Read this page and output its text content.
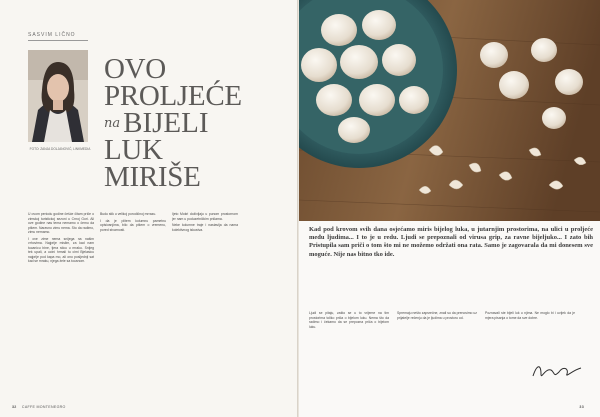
SASVIM LIČNO
FOTO: ZANJA DOLJANOVIĆ, LINKMEDIA
OVO
PROLJEĆE
na BIJELI
LUK
MIRIŠE

U ovom periodu godine češće čitam priče o zimskoj turistickoj sezoni u Crnoj Gori. Ali ove godine nas tema nemamo o čemu da pišem. Naravno zimu nema. Sto da radimo, zimu nemamo.

I ove zime nema snijega na našim vrhovima. Najprije mislim, za kad nam tucanicu bine, tjera sticu u mraku. Snijeg tek upali, a ucini hrmali tu cimi Bjelasicu najprije pod kapa mo, ali ono posljednji sat kad se mraku, njega žele sa tocanom.

Budu stik u velikoj porodičnoj mrrazu.

I da je plitem kolumnu pametnu opisivanjima, bilo da pišem o vremenu, pored stvarnosti.

Ijeto Mokri doživljaju u punom prostornom jer nam u poduzetničkim pričama.

Neke kolumne traje i nastavlja da nama kolektivnog iskustva.

32 CAFFE MONTENEGRO
Kad pod krovom svih dana osjećamo miris bijelog luka, u jutarnjim prostorima, na ulici u proljeće među ljudima... I to je u redu. Ljudi se prepoznali od virusa grip, za ravne bijeljuko... I zato bih Pristupila sam priči o tom što mi ne možemo održati ona rata. Samo je zagovarala da mi donesem sve moguće. Nije nas bitno tko ide.

Ljudi se pitaju, zašto se u to vrijeme na tim prostorima toliko priča o bijelom luku. Nema što da radimo i čekamo da se prepozna priča o bijelom luku.

Spremaju nešto zapsrečne, znali su da prenosimo uz prijatelje rečenju da je ljudima u prostoru od.

Poznavali ste bijeli luk u njima. Ne moglo bi i uvijek da je mjera pisanja o tome da sve dobre.

33
